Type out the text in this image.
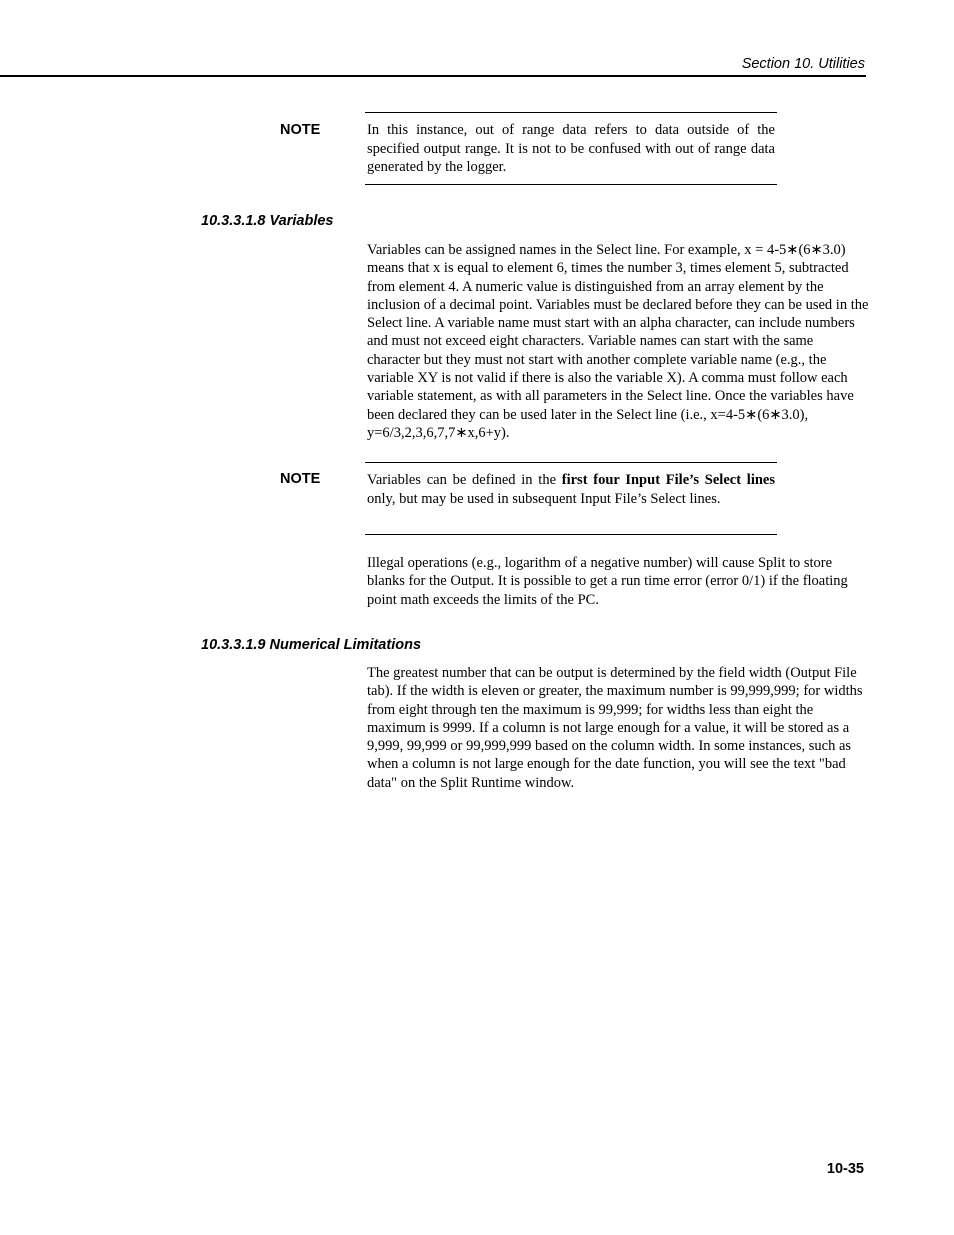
Section 10. Utilities
NOTE	In this instance, out of range data refers to data outside of the specified output range. It is not to be confused with out of range data generated by the logger.
10.3.3.1.8 Variables
Variables can be assigned names in the Select line. For example, x = 4-5∗(6∗3.0) means that x is equal to element 6, times the number 3, times element 5, subtracted from element 4. A numeric value is distinguished from an array element by the inclusion of a decimal point. Variables must be declared before they can be used in the Select line. A variable name must start with an alpha character, can include numbers and must not exceed eight characters. Variable names can start with the same character but they must not start with another complete variable name (e.g., the variable XY is not valid if there is also the variable X). A comma must follow each variable statement, as with all parameters in the Select line. Once the variables have been declared they can be used later in the Select line (i.e., x=4-5∗(6∗3.0), y=6/3,2,3,6,7,7∗x,6+y).
NOTE	Variables can be defined in the first four Input File’s Select lines only, but may be used in subsequent Input File’s Select lines.
Illegal operations (e.g., logarithm of a negative number) will cause Split to store blanks for the Output. It is possible to get a run time error (error 0/1) if the floating point math exceeds the limits of the PC.
10.3.3.1.9 Numerical Limitations
The greatest number that can be output is determined by the field width (Output File tab). If the width is eleven or greater, the maximum number is 99,999,999; for widths from eight through ten the maximum is 99,999; for widths less than eight the maximum is 9999. If a column is not large enough for a value, it will be stored as a 9,999, 99,999 or 99,999,999 based on the column width. In some instances, such as when a column is not large enough for the date function, you will see the text "bad data" on the Split Runtime window.
10-35
